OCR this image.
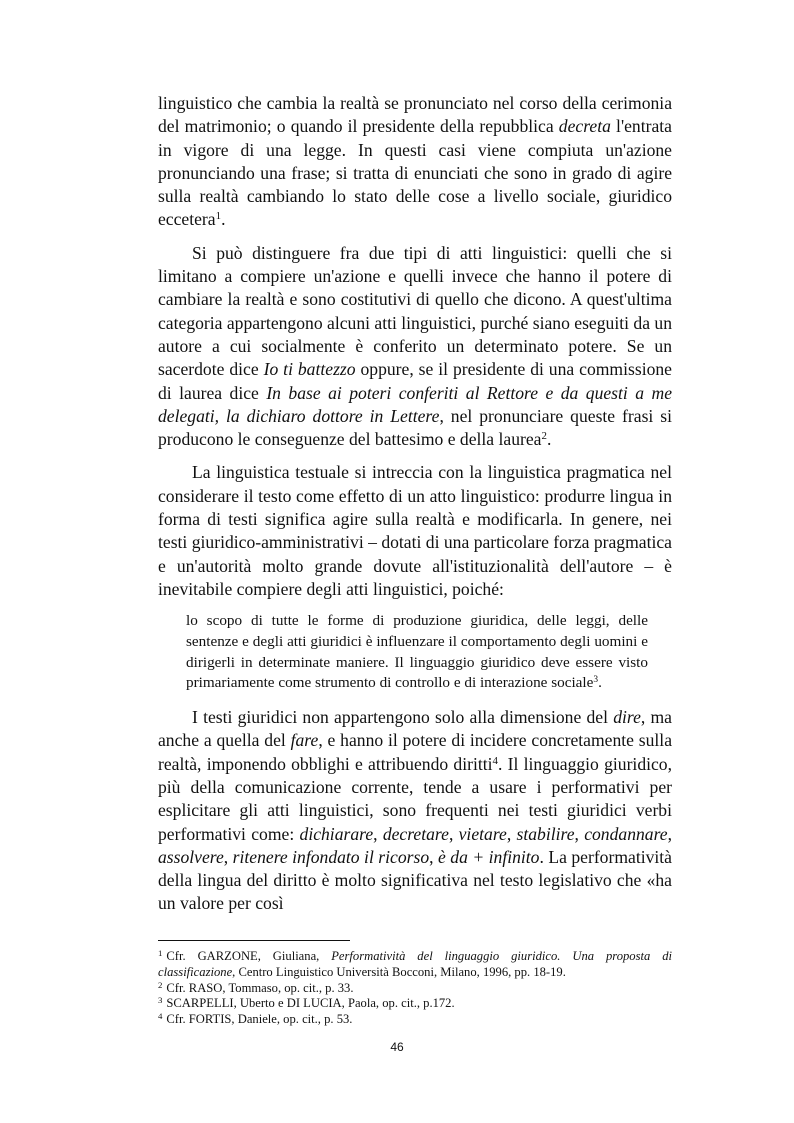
linguistico che cambia la realtà se pronunciato nel corso della cerimonia del matrimonio; o quando il presidente della repubblica decreta l'entrata in vigore di una legge. In questi casi viene compiuta un'azione pronunciando una frase; si tratta di enunciati che sono in grado di agire sulla realtà cambiando lo stato delle cose a livello sociale, giuridico eccetera$^1$.

Si può distinguere fra due tipi di atti linguistici: quelli che si limitano a compiere un'azione e quelli invece che hanno il potere di cambiare la realtà e sono costitutivi di quello che dicono. A quest'ultima categoria appartengono alcuni atti linguistici, purché siano eseguiti da un autore a cui socialmente è conferito un determinato potere. Se un sacerdote dice Io ti battezzo oppure, se il presidente di una commissione di laurea dice In base ai poteri conferiti al Rettore e da questi a me delegati, la dichiaro dottore in Lettere, nel pronunciare queste frasi si producono le conseguenze del battesimo e della laurea$^2$.

La linguistica testuale si intreccia con la linguistica pragmatica nel considerare il testo come effetto di un atto linguistico: produrre lingua in forma di testi significa agire sulla realtà e modificarla. In genere, nei testi giuridico-amministrativi – dotati di una particolare forza pragmatica e un'autorità molto grande dovute all'istituzionalità dell'autore – è inevitabile compiere degli atti linguistici, poiché:

lo scopo di tutte le forme di produzione giuridica, delle leggi, delle sentenze e degli atti giuridici è influenzare il comportamento degli uomini e dirigerli in determinate maniere. Il linguaggio giuridico deve essere visto primariamente come strumento di controllo e di interazione sociale$^3$.

I testi giuridici non appartengono solo alla dimensione del dire, ma anche a quella del fare, e hanno il potere di incidere concretamente sulla realtà, imponendo obblighi e attribuendo diritti$^4$. Il linguaggio giuridico, più della comunicazione corrente, tende a usare i performativi per esplicitare gli atti linguistici, sono frequenti nei testi giuridici verbi performativi come: dichiarare, decretare, vietare, stabilire, condannare, assolvere, ritenere infondato il ricorso, è da + infinito. La performatività della lingua del diritto è molto significativa nel testo legislativo che «ha un valore per così

$^1$ Cfr. GARZONE, Giuliana, Performatività del linguaggio giuridico. Una proposta di classificazione, Centro Linguistico Università Bocconi, Milano, 1996, pp. 18-19.

$^2$ Cfr. RASO, Tommaso, op. cit., p. 33.

$^3$ SCARPELLI, Uberto e DI LUCIA, Paola, op. cit., p.172.

$^4$ Cfr. FORTIS, Daniele, op. cit., p. 53.

46
